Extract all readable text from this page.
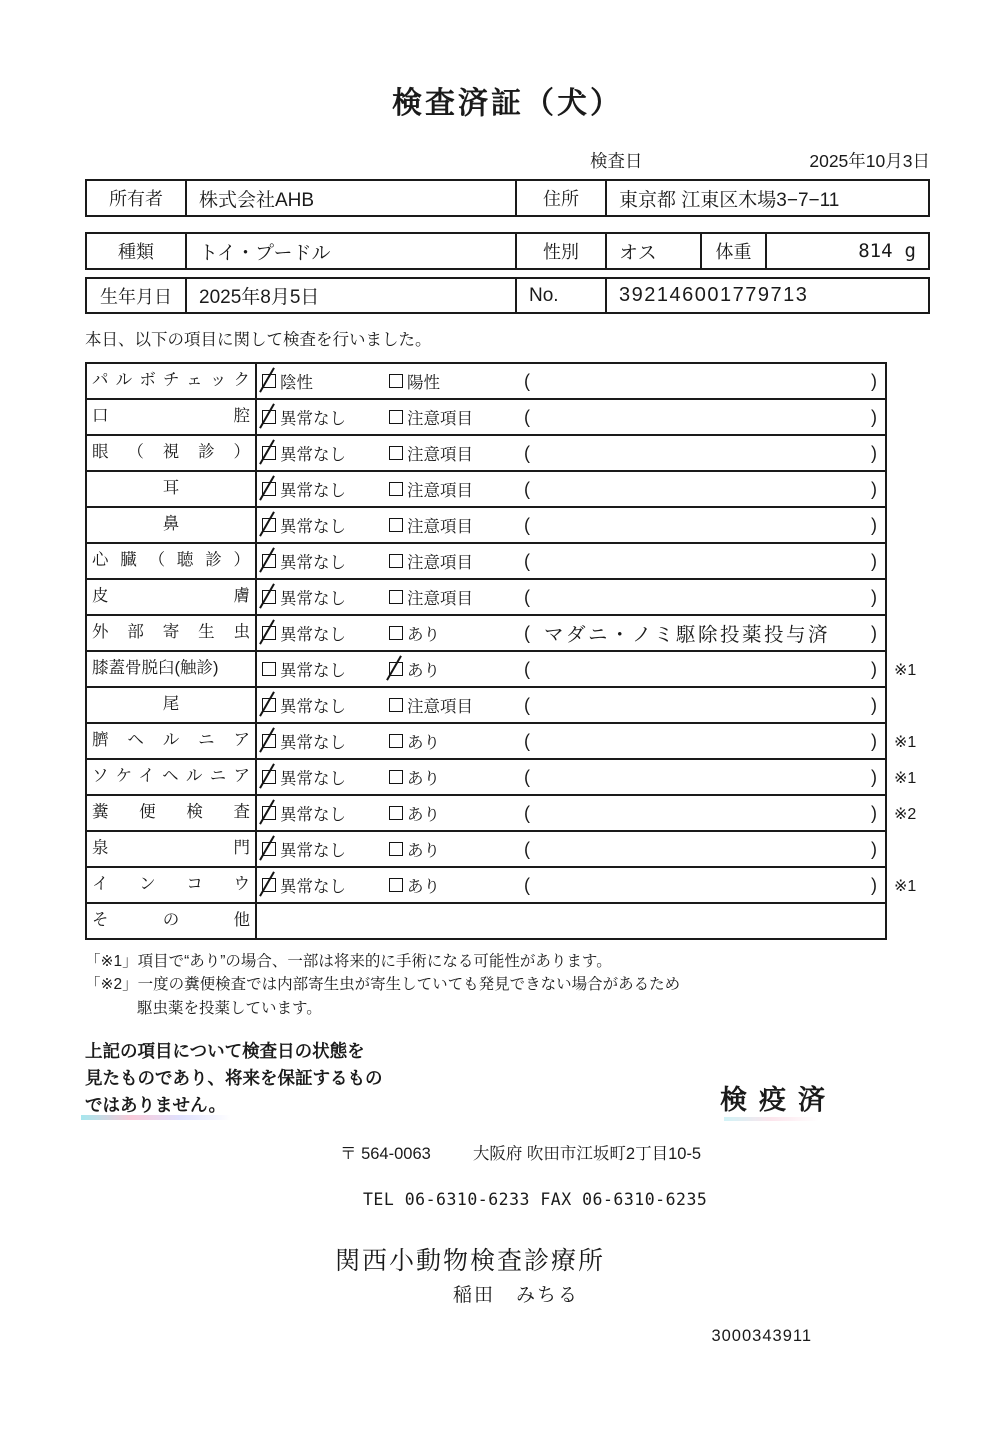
検査済証（犬）
検査日	2025年10月3日
所有者	株式会社AHB	住所	東京都 江東区木場3−7−11
種類	トイ・プードル	性別	オス	体重	814 g
生年月日	2025年8月5日	No.	392146001779713

本日、以下の項目に関して検査を行いました。

パルボチェック	陰性	陽性	(	)
口腔	異常なし	注意項目	(	)
眼（視診）	異常なし	注意項目	(	)
耳	異常なし	注意項目	(	)
鼻	異常なし	注意項目	(	)
心臓（聴診）	異常なし	注意項目	(	)
皮膚	異常なし	注意項目	(	)
外部寄生虫	異常なし	あり	( マダニ・ノミ駆除投薬投与済	)
膝蓋骨脱臼(触診)	異常なし	あり	(	)	※1
尾	異常なし	注意項目	(	)
臍ヘルニア	異常なし	あり	(	)	※1
ソケイヘルニア	異常なし	あり	(	)	※1
糞便検査	異常なし	あり	(	)	※2
泉門	異常なし	あり	(	)
インコウ	異常なし	あり	(	)	※1
その他
「※1」項目で“あり”の場合、一部は将来的に手術になる可能性があります。
「※2」一度の糞便検査では内部寄生虫が寄生していても発見できない場合があるため
駆虫薬を投薬しています。
上記の項目について検査日の状態を
見たものであり、将来を保証するもの
ではありません。	検疫済
〒 564-0063	大阪府 吹田市江坂町2丁目10-5
TEL 06-6310-6233 FAX 06-6310-6235
関西小動物検査診療所
稲田　みちる
3000343911
